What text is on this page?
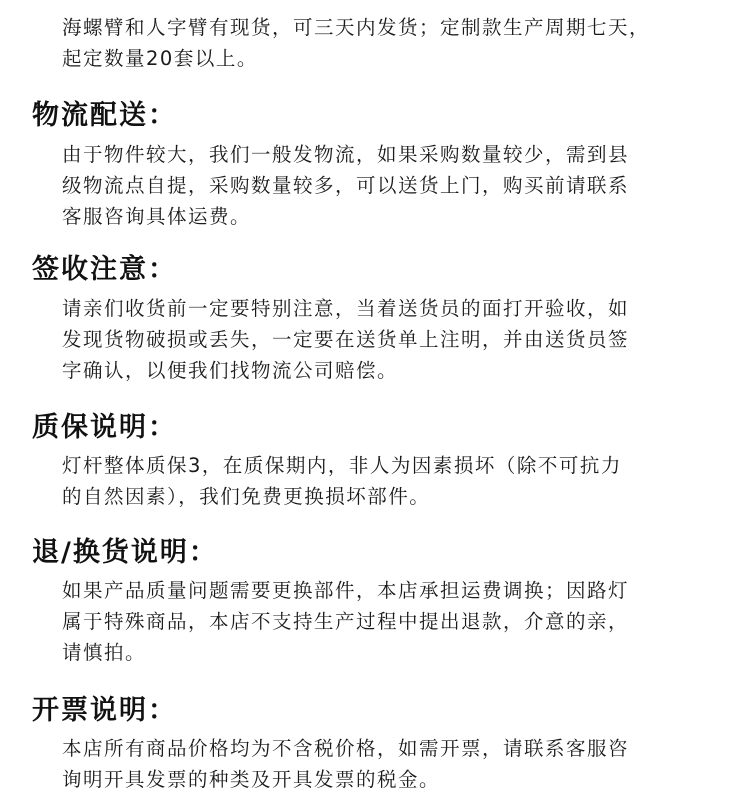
海螺臂和人字臂有现货，可三天内发货；定制款生产周期七天，
起定数量20套以上。
物流配送：
由于物件较大，我们一般发物流，如果采购数量较少，需到县
级物流点自提，采购数量较多，可以送货上门，购买前请联系
客服咨询具体运费。
签收注意：
请亲们收货前一定要特别注意，当着送货员的面打开验收，如
发现货物破损或丢失，一定要在送货单上注明，并由送货员签
字确认，以便我们找物流公司赔偿。
质保说明：
灯杆整体质保3，在质保期内，非人为因素损坏（除不可抗力
的自然因素），我们免费更换损坏部件。
退/换货说明：
如果产品质量问题需要更换部件，本店承担运费调换；因路灯
属于特殊商品，本店不支持生产过程中提出退款，介意的亲，
请慎拍。
开票说明：
本店所有商品价格均为不含税价格，如需开票，请联系客服咨
询明开具发票的种类及开具发票的税金。
